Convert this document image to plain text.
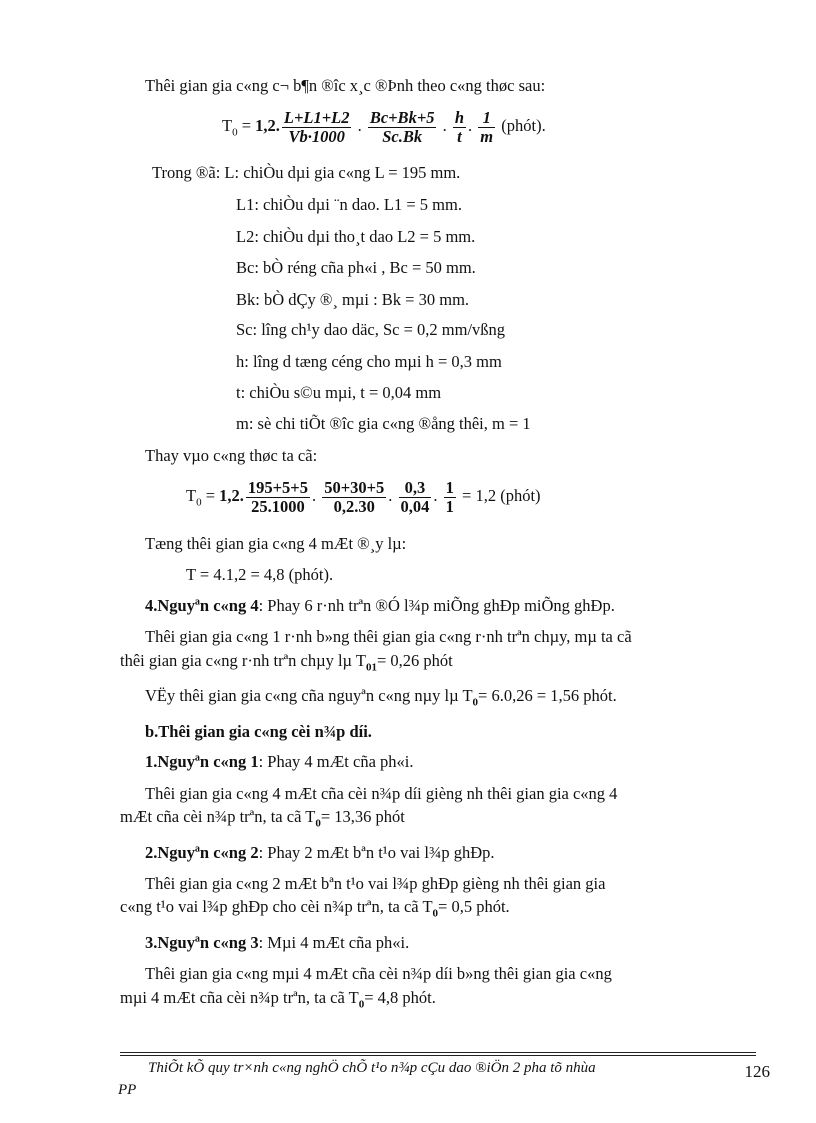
Thêi gian gia c«ng c¬ b¶n ®îc x¸c ®Þnh theo c«ng thøc sau:
$T_0 = 1,2$. $\frac{L+L1+L2}{Vb\cdot 1000}$ . $\frac{Bc+Bk+5}{Sc.Bk}$ . $\frac{h}{t}$ . $\frac{1}{m}$ (phót).
Trong ®ã: L: chiÒu dµi gia c«ng L = 195 mm.
L1: chiÒu dµi ¨n dao. L1 = 5 mm.
L2: chiÒu dµi tho¸t dao L2 = 5 mm.
Bc: bÒ réng cña ph«i , Bc = 50 mm.
Bk: bÒ dÇy ®¸ mµi : Bk = 30 mm.
Sc: lîng ch¹y dao däc, Sc = 0,2 mm/vßng
h: lîng d tæng céng cho mµi h = 0,3 mm
t: chiÒu s©u mµi, t = 0,04 mm
m: sè chi tiÕt ®îc gia c«ng ®ång thêi, m = 1
Thay vµo c«ng thøc ta cã:
$T_0 = 1,2$. $\frac{195+5+5}{25.1000}$ . $\frac{50+30+5}{0,2.30}$ . $\frac{0,3}{0,04}$ . $\frac{1}{1} = 1,2$ (phót)
Tæng thêi gian gia c«ng 4 mÆt ®¸y lµ:
T = 4.1,2 = 4,8 (phót).
4.Nguyªn c«ng 4: Phay 6 r·nh trªn ®Ó l¾p miÕng ghÐp miÕng ghÐp.
Thêi gian gia c«ng 1 r·nh b»ng thêi gian gia c«ng r·nh trªn chµy, mµ ta cã
thêi gian gia c«ng r·nh trªn chµy lµ $T_{01}= 0,26$ phót
VËy thêi gian gia c«ng cña nguyªn c«ng nµy lµ $T_0= 6.0,26 = 1,56$ phót.
b.Thêi gian gia c«ng cèi n¾p díi.
1.Nguyªn c«ng 1: Phay 4 mÆt cña ph«i.
Thêi gian gia c«ng 4 mÆt cña cèi n¾p díi gièng nh thêi gian gia c«ng 4
mÆt cña cèi n¾p trªn, ta cã $T_0= 13,36$ phót
2.Nguyªn c«ng 2: Phay 2 mÆt bªn t¹o vai l¾p ghÐp.
Thêi gian gia c«ng 2 mÆt bªn t¹o vai l¾p ghÐp gièng nh thêi gian gia
c«ng t¹o vai l¾p ghÐp cho cèi n¾p trªn, ta cã $T_0= 0,5$ phót.
3.Nguyªn c«ng 3: Mµi 4 mÆt cña ph«i.
Thêi gian gia c«ng mµi 4 mÆt cña cèi n¾p díi b»ng thêi gian gia c«ng
mµi 4 mÆt cña cèi n¾p trªn, ta cã $T_0= 4,8$ phót.
ThiÕt kÕ quy tr×nh c«ng nghÖ chÕ t¹o n¾p cÇu dao ®iÖn 2 pha tõ nhùa
PP
126
